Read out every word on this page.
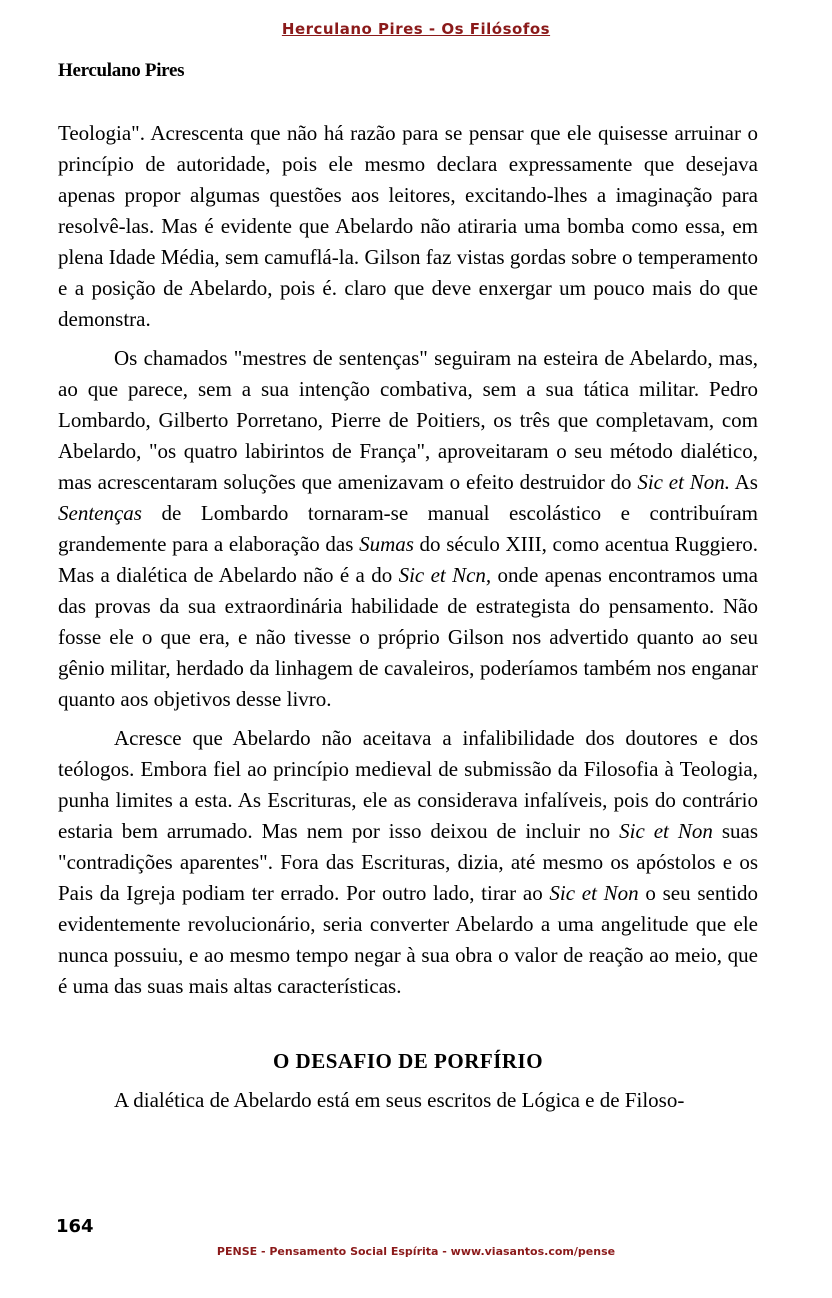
Herculano Pires - Os Filósofos
Herculano Pires

Teologia". Acrescenta que não há razão para se pensar que ele quisesse arruinar o princípio de autoridade, pois ele mesmo declara expressamente que desejava apenas propor algumas questões aos leitores, excitando-lhes a imaginação para resolvê-las. Mas é evidente que Abelardo não atiraria uma bomba como essa, em plena Idade Média, sem camuflá-la. Gilson faz vistas gordas sobre o temperamento e a posição de Abelardo, pois é. claro que deve enxergar um pouco mais do que demonstra.

Os chamados "mestres de sentenças" seguiram na esteira de Abelardo, mas, ao que parece, sem a sua intenção combativa, sem a sua tática militar. Pedro Lombardo, Gilberto Porretano, Pierre de Poitiers, os três que completavam, com Abelardo, "os quatro labirintos de França", aproveitaram o seu método dialético, mas acrescentaram soluções que amenizavam o efeito destruidor do Sic et Non. As Sentenças de Lombardo tornaram-se manual escolástico e contribuíram grandemente para a elaboração das Sumas do século XIII, como acentua Ruggiero. Mas a dialética de Abelardo não é a do Sic et Ncn, onde apenas encontramos uma das provas da sua extraordinária habilidade de estrategista do pensamento. Não fosse ele o que era, e não tivesse o próprio Gilson nos advertido quanto ao seu gênio militar, herdado da linhagem de cavaleiros, poderíamos também nos enganar quanto aos objetivos desse livro.

Acresce que Abelardo não aceitava a infalibilidade dos doutores e dos teólogos. Embora fiel ao princípio medieval de submissão da Filosofia à Teologia, punha limites a esta. As Escrituras, ele as considerava infalíveis, pois do contrário estaria bem arrumado. Mas nem por isso deixou de incluir no Sic et Non suas "contradições aparentes". Fora das Escrituras, dizia, até mesmo os apóstolos e os Pais da Igreja podiam ter errado. Por outro lado, tirar ao Sic et Non o seu sentido evidentemente revolucionário, seria converter Abelardo a uma angelitude que ele nunca possuiu, e ao mesmo tempo negar à sua obra o valor de reação ao meio, que é uma das suas mais altas características.

O DESAFIO DE PORFÍRIO

A dialética de Abelardo está em seus escritos de Lógica e de Filoso-

164
PENSE - Pensamento Social Espírita - www.viasantos.com/pense
